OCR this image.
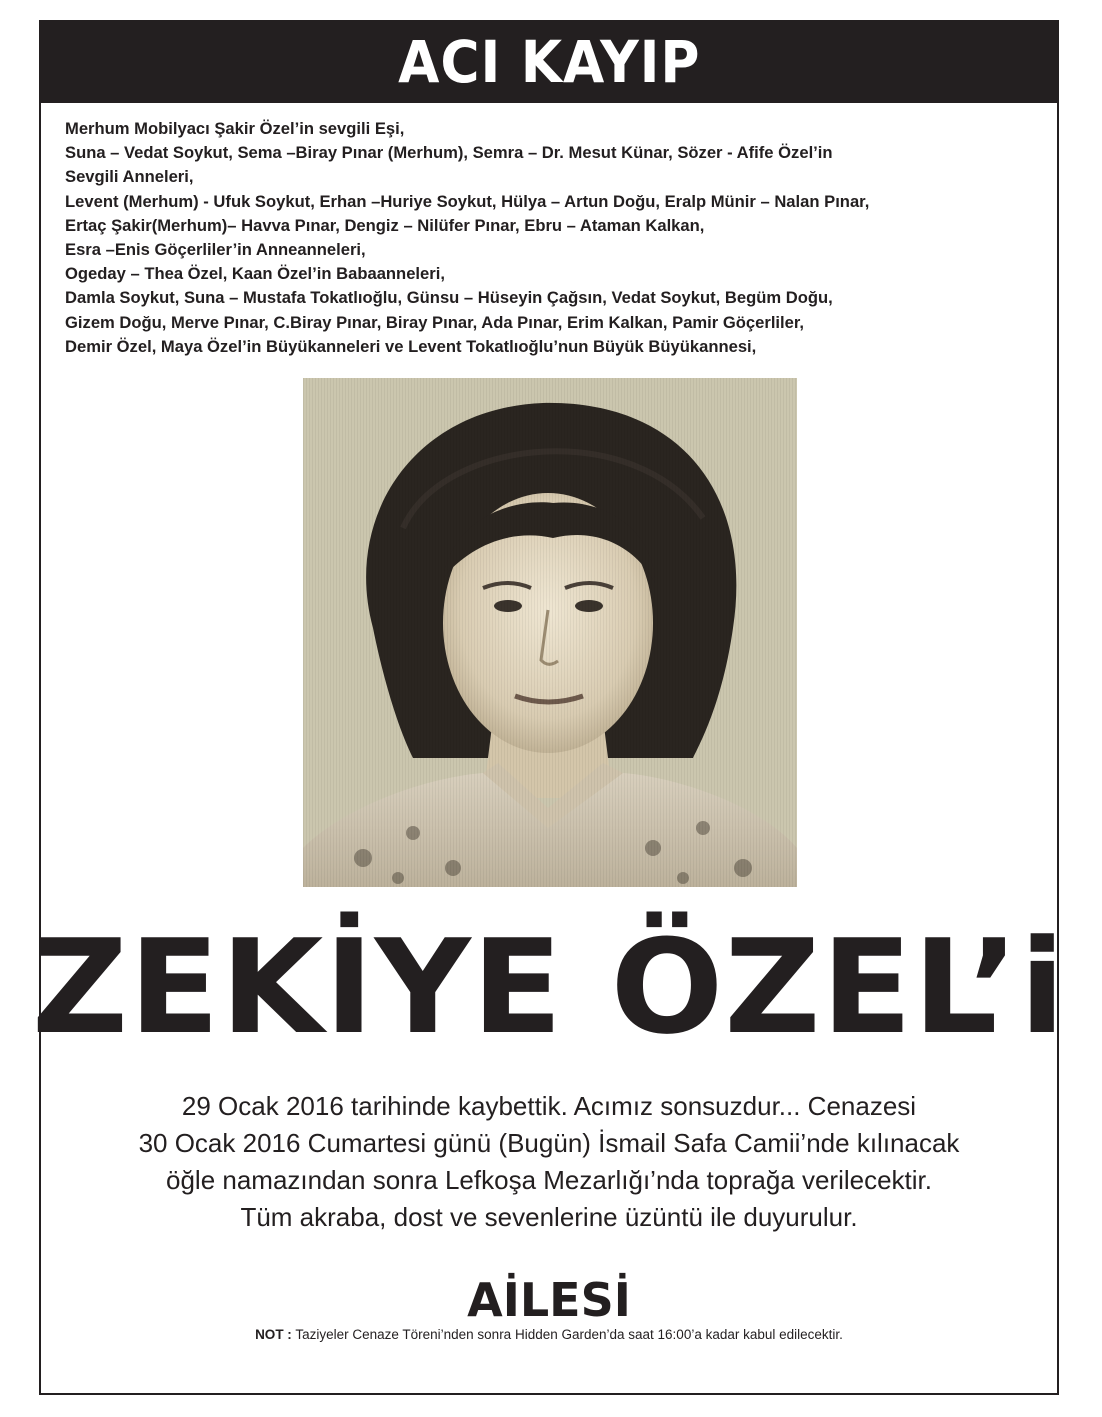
ACI KAYIP
Merhum Mobilyacı Şakir Özel’in sevgili Eşi,
Suna – Vedat Soykut, Sema –Biray Pınar (Merhum), Semra – Dr. Mesut Künar, Sözer - Afife Özel’in
Sevgili Anneleri,
Levent (Merhum) - Ufuk Soykut, Erhan –Huriye Soykut, Hülya – Artun Doğu, Eralp Münir – Nalan Pınar,
Ertaç Şakir(Merhum)– Havva Pınar, Dengiz – Nilüfer Pınar, Ebru – Ataman Kalkan,
Esra –Enis Göçerliler’in Anneanneleri,
Ogeday – Thea Özel, Kaan Özel’in Babaanneleri,
Damla Soykut, Suna – Mustafa Tokatlıoğlu, Günsu – Hüseyin Çağsın, Vedat Soykut, Begüm Doğu,
Gizem Doğu, Merve Pınar, C.Biray Pınar, Biray Pınar, Ada Pınar, Erim Kalkan, Pamir Göçerliler,
Demir Özel, Maya Özel’in Büyükanneleri ve Levent Tokatlıoğlu’nun Büyük Büyükannesi,
ZEKİYE ÖZEL’i
29 Ocak 2016 tarihinde kaybettik. Acımız sonsuzdur... Cenazesi
30 Ocak 2016 Cumartesi günü (Bugün) İsmail Safa Camii’nde kılınacak
öğle namazından sonra Lefkoşa Mezarlığı’nda toprağa verilecektir.
Tüm akraba, dost ve sevenlerine üzüntü ile duyurulur.
AİLESİ
NOT : Taziyeler Cenaze Töreni’nden sonra Hidden Garden’da saat 16:00’a kadar kabul edilecektir.
